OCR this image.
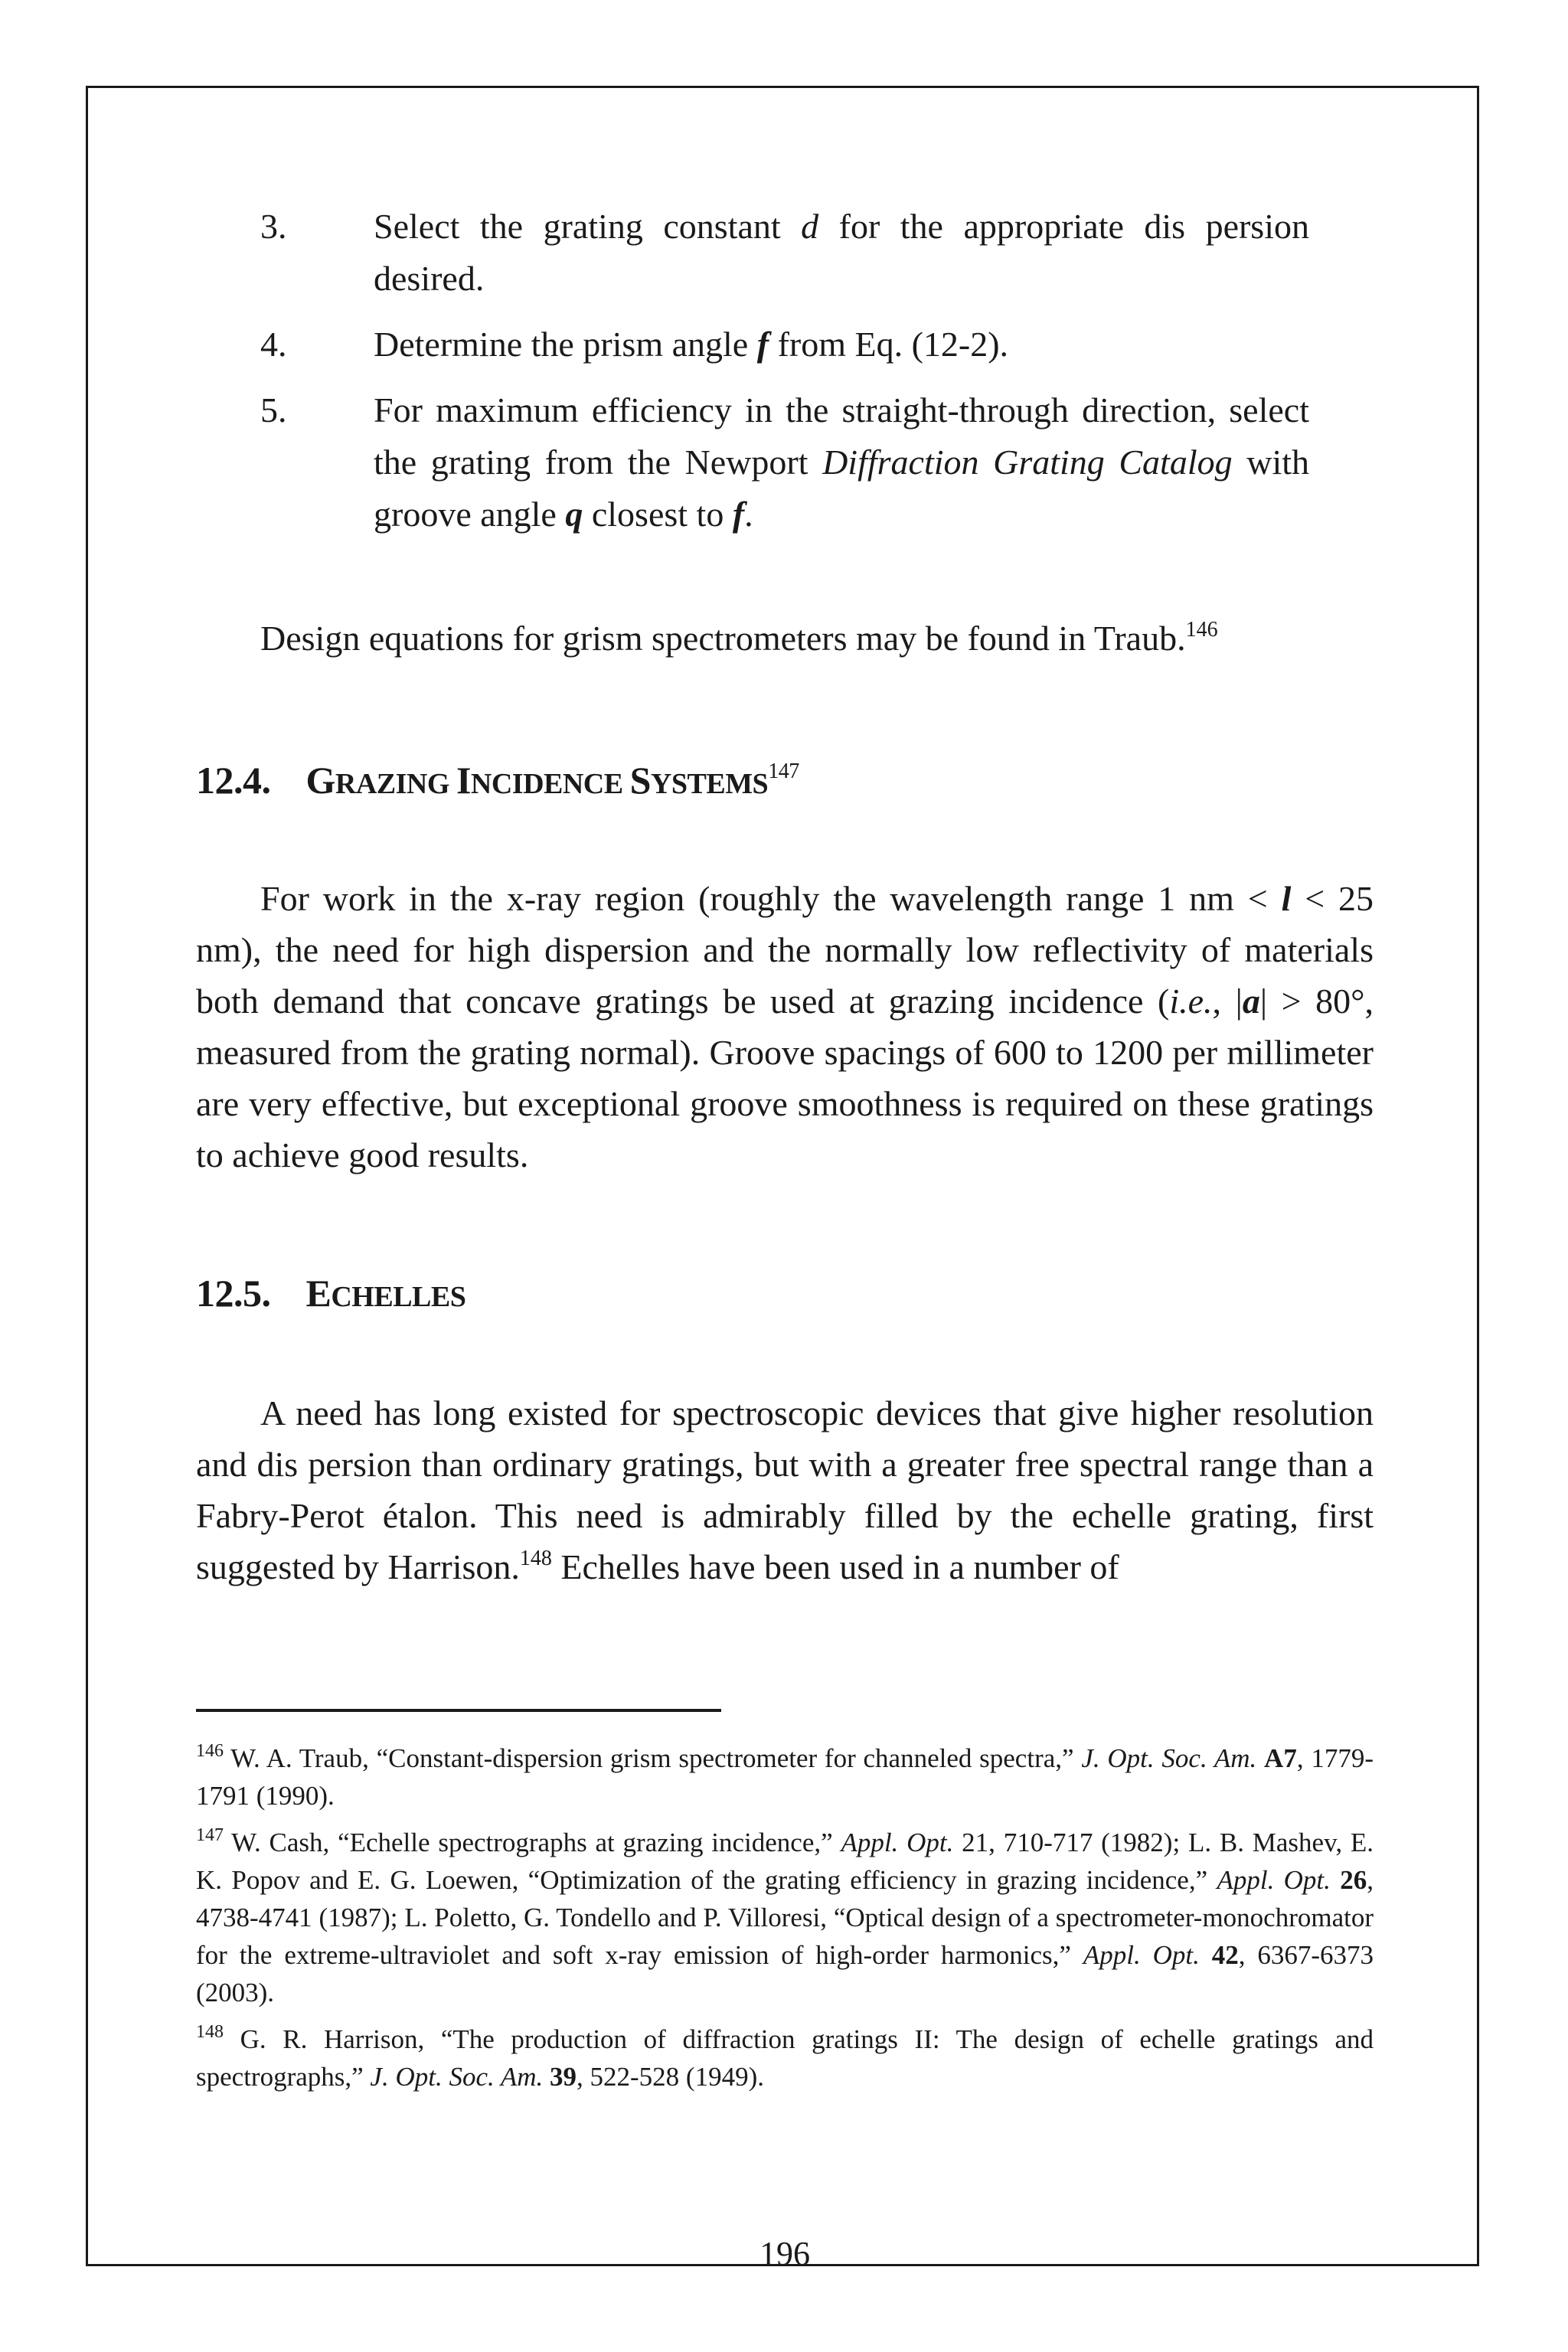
3.	Select the grating constant d for the appropriate dis persion desired.
4.	Determine the prism angle f from Eq. (12-2).
5.	For maximum efficiency in the straight-through direction, select the grating from the Newport Diffraction Grating Catalog with groove angle q closest to f.

Design equations for grism spectrometers may be found in Traub.$^{146}$

12.4. GRAZING INCIDENCE SYSTEMS$^{147}$

For work in the x-ray region (roughly the wavelength range 1 nm < l < 25 nm), the need for high dispersion and the normally low reflectivity of materials both demand that concave gratings be used at grazing incidence (i.e., |a| > 80°, measured from the grating normal). Groove spacings of 600 to 1200 per millimeter are very effective, but exceptional groove smoothness is required on these gratings to achieve good results.

12.5. ECHELLES

A need has long existed for spectroscopic devices that give higher resolution and dis persion than ordinary gratings, but with a greater free spectral range than a Fabry-Perot étalon. This need is admirably filled by the echelle grating, first suggested by Harrison.$^{148}$ Echelles have been used in a number of

$^{146}$ W. A. Traub, “Constant-dispersion grism spectrometer for channeled spectra,” J. Opt. Soc. Am. A7, 1779-1791 (1990).

$^{147}$ W. Cash, “Echelle spectrographs at grazing incidence,” Appl. Opt. 21, 710-717 (1982); L. B. Mashev, E. K. Popov and E. G. Loewen, “Optimization of the grating efficiency in grazing incidence,” Appl. Opt. 26, 4738-4741 (1987); L. Poletto, G. Tondello and P. Villoresi, “Optical design of a spectrometer-monochromator for the extreme-ultraviolet and soft x-ray emission of high-order harmonics,” Appl. Opt. 42, 6367-6373 (2003).

$^{148}$ G. R. Harrison, “The production of diffraction gratings II: The design of echelle gratings and spectrographs,” J. Opt. Soc. Am. 39, 522-528 (1949).

196
